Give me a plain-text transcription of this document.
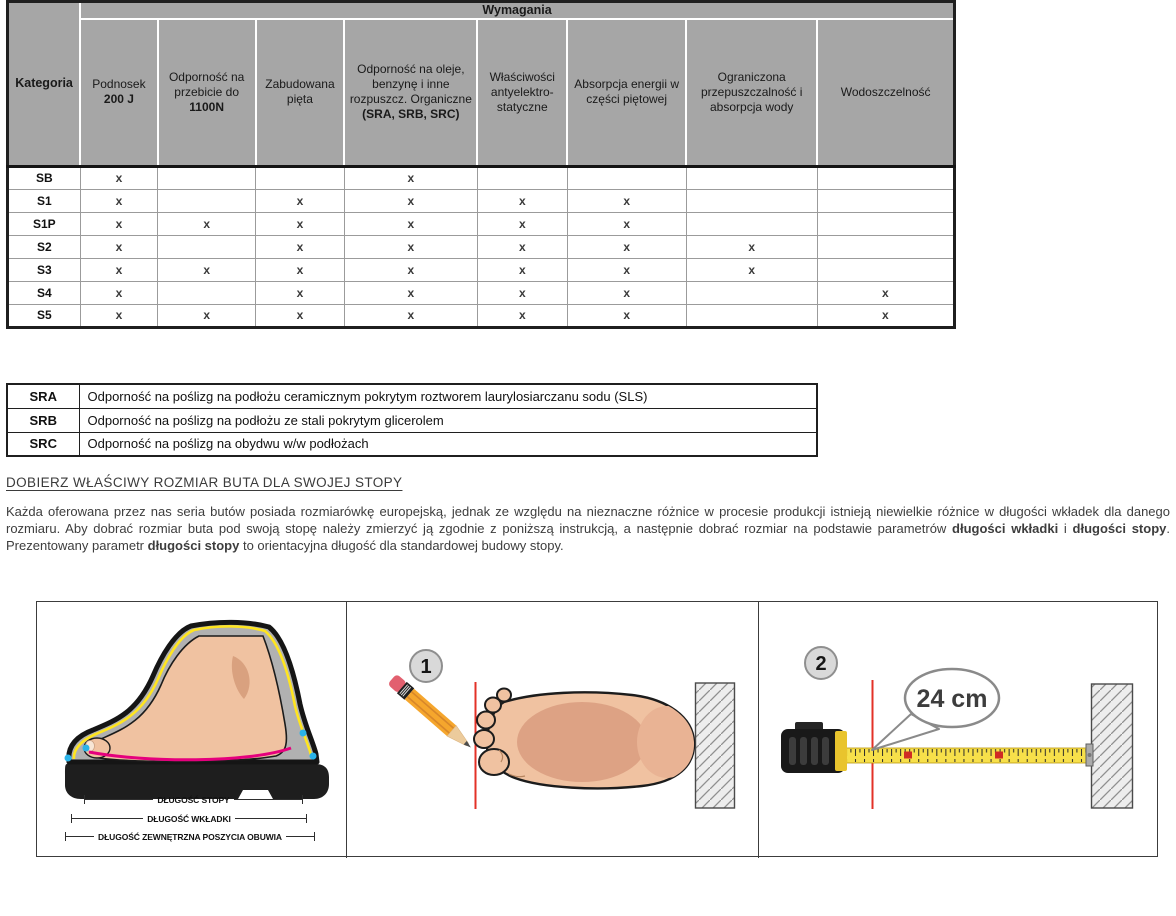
Kategoria	Wymagania							
	Podnosek 200 J	Odporność na przebicie do 1100N	Zabudowana pięta	Odporność na oleje, benzynę i inne rozpuszcz. Organiczne (SRA, SRB, SRC)	Właściwości antyelektro-statyczne	Absorpcja energii w części piętowej	Ograniczona przepuszczalność i absorpcja wody	Wodoszczelność
SB	x			x				
S1	x		x	x	x	x		
S1P	x	x	x	x	x	x		
S2	x		x	x	x	x	x	
S3	x	x	x	x	x	x	x	
S4	x		x	x	x	x		x
S5	x	x	x	x	x	x		x
SRA	Odporność na poślizg na podłożu ceramicznym pokrytym roztworem laurylosiarczanu sodu (SLS)
SRB	Odporność na poślizg na podłożu ze stali pokrytym glicerolem
SRC	Odporność na poślizg na obydwu w/w podłożach
DOBIERZ WŁAŚCIWY ROZMIAR BUTA DLA SWOJEJ STOPY

Każda oferowana przez nas seria butów posiada rozmiarówkę europejską, jednak ze względu na nieznaczne różnice w procesie produkcji istnieją niewielkie różnice w długości wkładek dla danego rozmiaru. Aby dobrać rozmiar buta pod swoją stopę należy zmierzyć ją zgodnie z poniższą instrukcją, a następnie dobrać rozmiar na podstawie parametrów długości wkładki i długości stopy. Prezentowany parametr długości stopy to orientacyjna długość dla standardowej budowy stopy.

DŁUGOŚĆ STOPY
DŁUGOŚĆ WKŁADKI
DŁUGOŚĆ ZEWNĘTRZNA POSZYCIA OBUWIA
1	2
24 cm
